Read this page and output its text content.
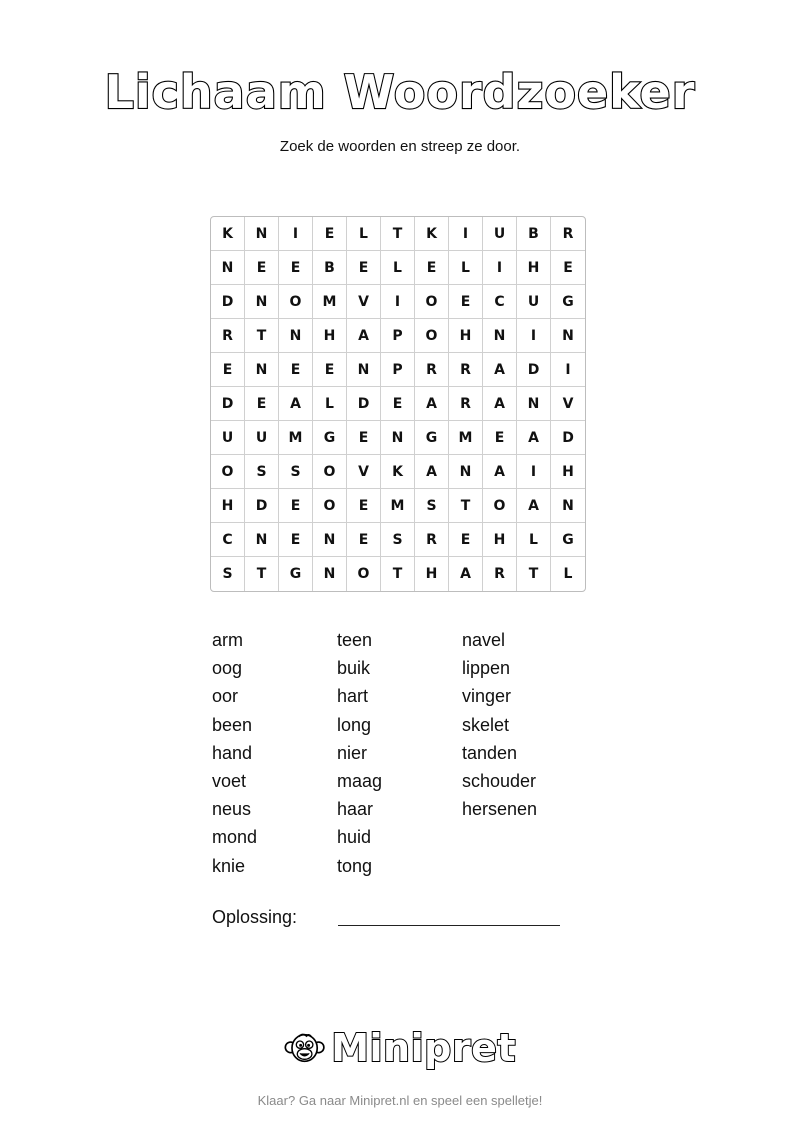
Lichaam Woordzoeker
Zoek de woorden en streep ze door.
K	N	I	E	L	T	K	I	U	B	R
N	E	E	B	E	L	E	L	I	H	E
D	N	O	M	V	I	O	E	C	U	G
R	T	N	H	A	P	O	H	N	I	N
E	N	E	E	N	P	R	R	A	D	I
D	E	A	L	D	E	A	R	A	N	V
U	U	M	G	E	N	G	M	E	A	D
O	S	S	O	V	K	A	N	A	I	H
H	D	E	O	E	M	S	T	O	A	N
C	N	E	N	E	S	R	E	H	L	G
S	T	G	N	O	T	H	A	R	T	L
arm
oog
oor
been
hand
voet
neus
mond
knie
teen
buik
hart
long
nier
maag
haar
huid
tong
navel
lippen
vinger
skelet
tanden
schouder
hersenen
Oplossing:
Minipret
Klaar? Ga naar Minipret.nl en speel een spelletje!
